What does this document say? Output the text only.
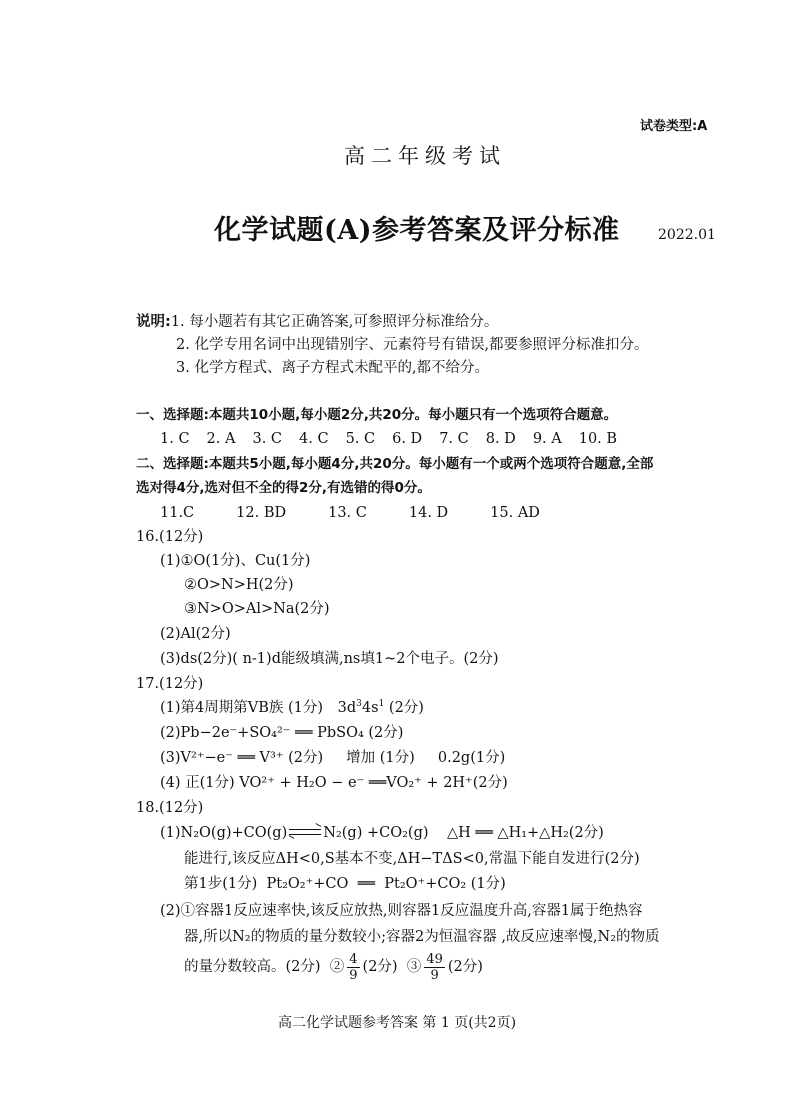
试卷类型:A
高二年级考试
化学试题(A)参考答案及评分标准	2022.01
说明:1. 每小题若有其它正确答案,可参照评分标准给分。
2. 化学专用名词中出现错别字、元素符号有错误,都要参照评分标准扣分。
3. 化学方程式、离子方程式未配平的,都不给分。
一、选择题:本题共10小题,每小题2分,共20分。每小题只有一个选项符合题意。
1. C 2. A 3. C 4. C 5. C 6. D 7. C 8. D 9. A 10. B
二、选择题:本题共5小题,每小题4分,共20分。每小题有一个或两个选项符合题意,全部
选对得4分,选对但不全的得2分,有选错的得0分。
11.C	12. BD	13. C	14. D	15. AD
16.(12分)
(1)①O(1分)、Cu(1分)
②O>N>H(2分)
③N>O>Al>Na(2分)
(2)Al(2分)
(3)ds(2分)( n-1)d能级填满,ns填1~2个电子。(2分)
17.(12分)
(1)第4周期第VB族 (1分) $3d^34s^1$ (2分)
(2)Pb−2e⁻+SO₄²⁻ ══ PbSO₄ (2分)
(3)V²⁺−e⁻ ══ V³⁺ (2分)     增加 (1分)     0.2g(1分)
(4) 正(1分) VO²⁺ + H₂O − e⁻ ══VO₂⁺ + 2H⁺(2分)
18.(12分)
(1)N₂O(g)+CO(g) N₂(g) +CO₂(g)    △H ══ △H₁+△H₂(2分)
能进行,该反应ΔH<0,S基本不变,ΔH−TΔS<0,常温下能自发进行(2分)
第1步(1分)  Pt₂O₂⁺+CO  ══  Pt₂O⁺+CO₂ (1分)
(2)①容器1反应速率快,该反应放热,则容器1反应温度升高,容器1属于绝热容
器,所以N₂的物质的量分数较小;容器2为恒温容器 ,故反应速率慢,N₂的物质
的量分数较高。(2分)  ② $\frac{4}{9} (2$分)  ③ $\frac{49}{9} (2$分)
高二化学试题参考答案 第 1 页(共2页)
